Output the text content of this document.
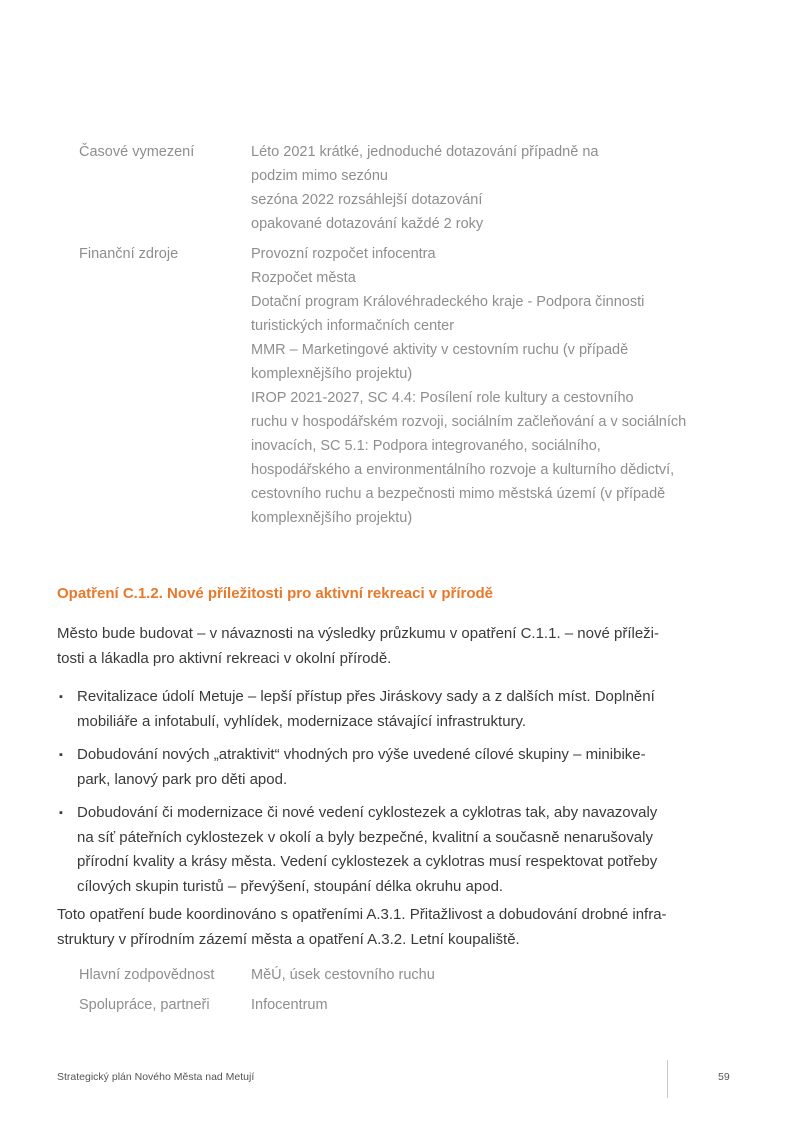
Časové vymezení	Léto 2021 krátké, jednoduché dotazování případně na
podzim mimo sezónu
sezóna 2022 rozsáhlejší dotazování
opakované dotazování každé 2 roky
Finanční zdroje	Provozní rozpočet infocentra
Rozpočet města
Dotační program Královéhradeckého kraje - Podpora činnosti
turistických informačních center
MMR – Marketingové aktivity v cestovním ruchu (v případě
komplexnějšího projektu)
IROP 2021-2027, SC 4.4: Posílení role kultury a cestovního
ruchu v hospodářském rozvoji, sociálním začleňování a v sociálních
inovacích, SC 5.1: Podpora integrovaného, sociálního,
hospodářského a environmentálního rozvoje a kulturního dědictví,
cestovního ruchu a bezpečnosti mimo městská území (v případě
komplexnějšího projektu)
Opatření C.1.2. Nové příležitosti pro aktivní rekreaci v přírodě

Město bude budovat – v návaznosti na výsledky průzkumu v opatření C.1.1. – nové příleži-
tosti a lákadla pro aktivní rekreaci v okolní přírodě.

▪ Revitalizace údolí Metuje – lepší přístup přes Jiráskovy sady a z dalších míst. Doplnění
mobiliáře a infotabulí, vyhlídek, modernizace stávající infrastruktury.
▪ Dobudování nových „atraktivit“ vhodných pro výše uvedené cílové skupiny – minibike-
park, lanový park pro děti apod.
▪ Dobudování či modernizace či nové vedení cyklostezek a cyklotras tak, aby navazovaly
na síť páteřních cyklostezek v okolí a byly bezpečné, kvalitní a současně nenarušovaly
přírodní kvality a krásy města. Vedení cyklostezek a cyklotras musí respektovat potřeby
cílových skupin turistů – převýšení, stoupání délka okruhu apod.

Toto opatření bude koordinováno s opatřeními A.3.1. Přitažlivost a dobudování drobné infra-
struktury v přírodním zázemí města a opatření A.3.2. Letní koupaliště.

Hlavní zodpovědnost	MěÚ, úsek cestovního ruchu
Spolupráce, partneři	Infocentrum
Strategický plán Nového Města nad Metují	59
